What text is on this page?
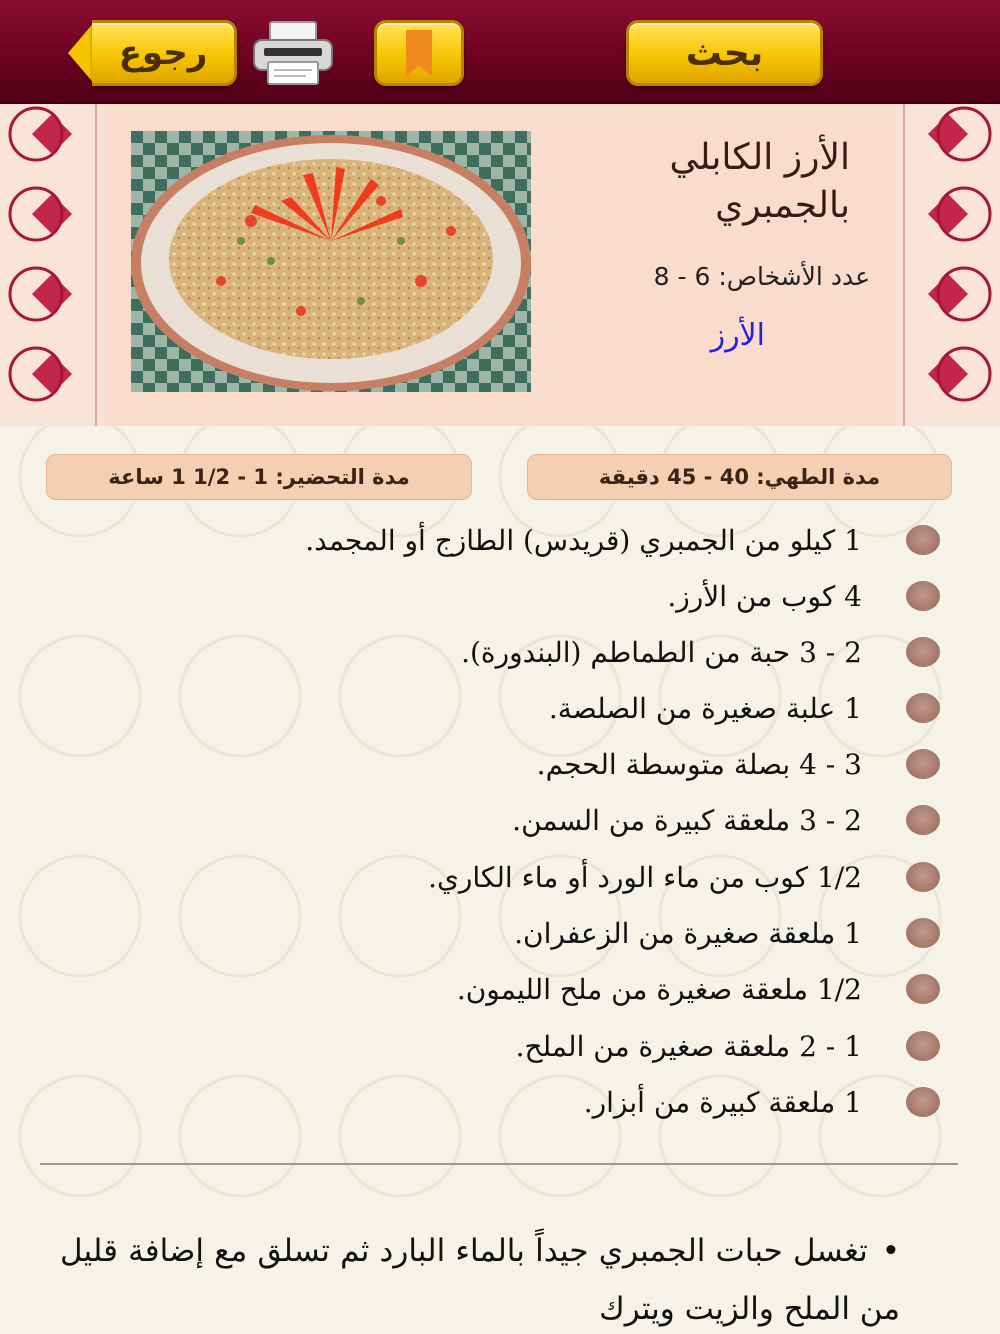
رجوع	بحث
الأرز الكابلي بالجمبري
عدد الأشخاص: 6 - 8
الأرز
مدة الطهي: 40 - 45 دقيقة
مدة التحضير: 1 - 1/2 1 ساعة
1 كيلو من الجمبري (قريدس) الطازج أو المجمد.
4 كوب من الأرز.
2 - 3 حبة من الطماطم (البندورة).
1 علبة صغيرة من الصلصة.
3 - 4 بصلة متوسطة الحجم.
2 - 3 ملعقة كبيرة من السمن.
1/2 كوب من ماء الورد أو ماء الكاري.
1 ملعقة صغيرة من الزعفران.
1/2 ملعقة صغيرة من ملح الليمون.
1 - 2 ملعقة صغيرة من الملح.
1 ملعقة كبيرة من أبزار.
•تغسل حبات الجمبري جيداً بالماء البارد ثم تسلق مع إضافة قليل من الملح والزيت ويترك
